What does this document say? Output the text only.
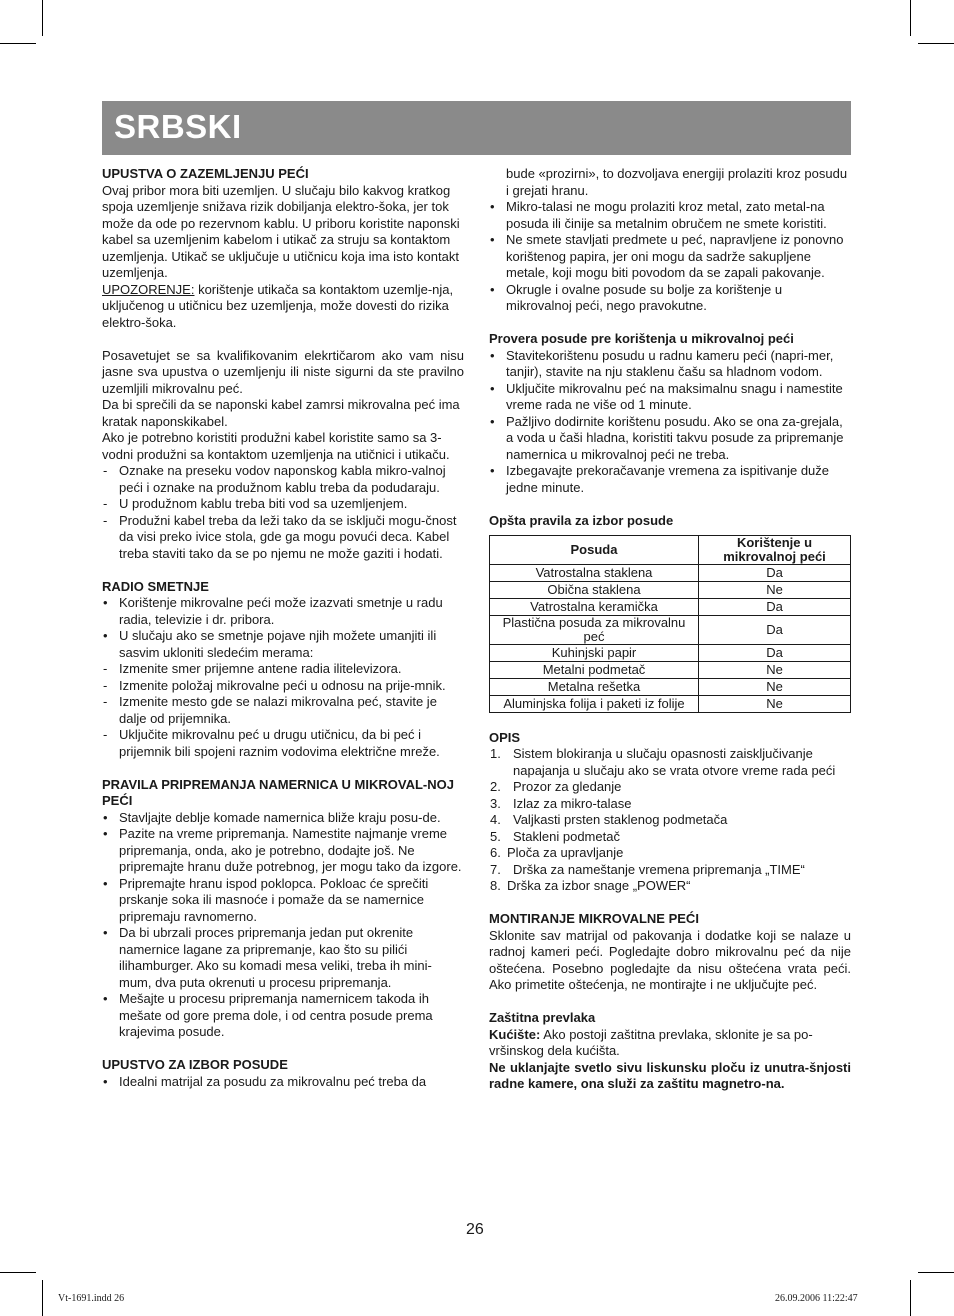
SRBSKI

UPUSTVA O ZAZEMLJENJU PEĆI

Ovaj pribor mora biti uzemljen. U slučaju bilo kakvog kratkog spoja uzemljenje snižava rizik dobiljanja elektro-šoka, jer tok može da ode po rezervnom kablu. U priboru koristite naponski kabel sa uzemljenim kabelom i utikač za struju sa kontaktom uzemljenja. Utikač se uključuje u utičnicu koja ima isto kontakt uzemljenja.

UPOZORENJE: korištenje utikača sa kontaktom uzemlje-nja, uključenog u utičnicu bez uzemljenja, može dovesti do rizika elektro-šoka.

Posavetujet se sa kvalifikovanim elekrtičarom ako vam nisu jasne sva upustva o uzemljenju ili niste sigurni da ste pravilno uzemljili mikrovalnu peć.

Da bi sprečili da se naponski kabel zamrsi mikrovalna peć ima kratak naponskikabel.

Ako je potrebno koristiti produžni kabel koristite samo sa 3-vodni produžni sa kontaktom uzemljenja na utičnici i utikaču.

- Oznake na preseku vodov naponskog kabla mikro-valnoj peći i oznake na produžnom kablu treba da podudaraju.
- U produžnom kablu treba biti vod sa uzemljenjem.
- Produžni kabel treba da leži tako da se isključi mogu-čnost da visi preko ivice stola, gde ga mogu povući deca. Kabel treba staviti tako da se po njemu ne može gaziti i hodati.

RADIO SMETNJE

• Korištenje mikrovalne peći može izazvati smetnje u radu radia, televizie i dr. pribora.
• U slučaju ako se smetnje pojave njih možete umanjiti ili sasvim ukloniti sledećim merama:
- Izmenite smer prijemne antene radia ilitelevizora.
- Izmenite položaj mikrovalne peći u odnosu na prije-mnik.
- Izmenite mesto gde se nalazi mikrovalna peć, stavite je dalje od prijemnika.
- Uključite mikrovalnu peć u drugu utičnicu, da bi peć i prijemnik bili spojeni raznim vodovima električne mreže.

PRAVILA PRIPREMANJA NAMERNICA U MIKROVAL-NOJ PEĆI

• Stavljajte deblje komade namernica bliže kraju posu-de.
• Pazite na vreme pripremanja. Namestite najmanje vreme pripremanja, onda, ako je potrebno, dodajte još. Ne pripremajte hranu duže potrebnog, jer mogu tako da izgore.
• Pripremajte hranu ispod poklopca. Pokloac će sprečiti prskanje soka ili masnoće i pomaže da se namernice pripremaju ravnomerno.
• Da bi ubrzali proces pripremanja jedan put okrenite namernice lagane za pripremanje, kao što su pilići ilihamburger. Ako su komadi mesa veliki, treba ih mini-mum, dva puta okrenuti u procesu pripremanja.
• Mešajte u procesu pripremanja namernicem takoda ih mešate od gore prema dole, i od centra posude prema krajevima posude.

UPUSTVO ZA IZBOR POSUDE

• Idealni matrijal za posudu za mikrovalnu peć treba da
bude «prozirni», to dozvoljava energiji prolaziti kroz posudu i grejati hranu.
• Mikro-talasi ne mogu prolaziti kroz metal, zato metal-na posuda ili činije sa metalnim obručem ne smete koristiti.
• Ne smete stavljati predmete u peć, napravljene iz ponovno korištenog papira, jer oni mogu da sadrže sakupljene metale, koji mogu biti povodom da se zapali pakovanje.
• Okrugle i ovalne posude su bolje za korištenje u mikrovalnoj peći, nego pravokutne.

Provera posude pre korištenja u mikrovalnoj peći

• Stavitekorištenu posudu u radnu kameru peći (napri-mer, tanjir), stavite na nju staklenu čašu sa hladnom vodom.
• Uključite mikrovalnu peć na maksimalnu snagu i namestite vreme rada ne više od 1 minute.
• Pažljivo dodirnite korištenu posudu. Ako se ona za-grejala, a voda u čaši hladna, koristiti takvu posude za pripremanje namernica u mikrovalnoj peći ne treba.
• Izbegavajte prekoračavanje vremena za ispitivanje duže jedne minute.

Opšta pravila za izbor posude

Posuda	Korištenje u mikrovalnoj peći
Vatrostalna staklena	Da
Obična staklena	Ne
Vatrostalna keramička	Da
Plastična posuda za mikrovalnu peć	Da
Kuhinjski papir	Da
Metalni podmetač	Ne
Metalna rešetka	Ne
Aluminjska folija i paketi iz folije	Ne

OPIS

1. Sistem blokiranja u slučaju opasnosti zaisključivanje napajanja u slučaju ako se vrata otvore vreme rada peći
2. Prozor za gledanje
3. Izlaz za mikro-talase
4. Valjkasti prsten staklenog podmetača
5. Stakleni podmetač
6. Ploča za upravljanje
7. Drška za nameštanje vremena pripremanja „TIME“
8. Drška za izbor snage „POWER“

MONTIRANJE MIKROVALNE PEĆI

Sklonite sav matrijal od pakovanja i dodatke koji se nalaze u radnoj kameri peći. Pogledajte dobro mikrovalnu peć da nije oštećena. Posebno pogledajte da nisu oštećena vrata peći. Ako primetite oštećenja, ne montirajte i ne uključujte peć.

Zaštitna prevlaka

Kućište: Ako postoji zaštitna prevlaka, sklonite je sa po-vršinskog dela kućišta.

Ne uklanjajte svetlo sivu liskunsku ploču iz unutra-šnjosti radne kamere, ona služi za zaštitu magnetro-na.

26
Vt-1691.indd 26	26.09.2006 11:22:47
